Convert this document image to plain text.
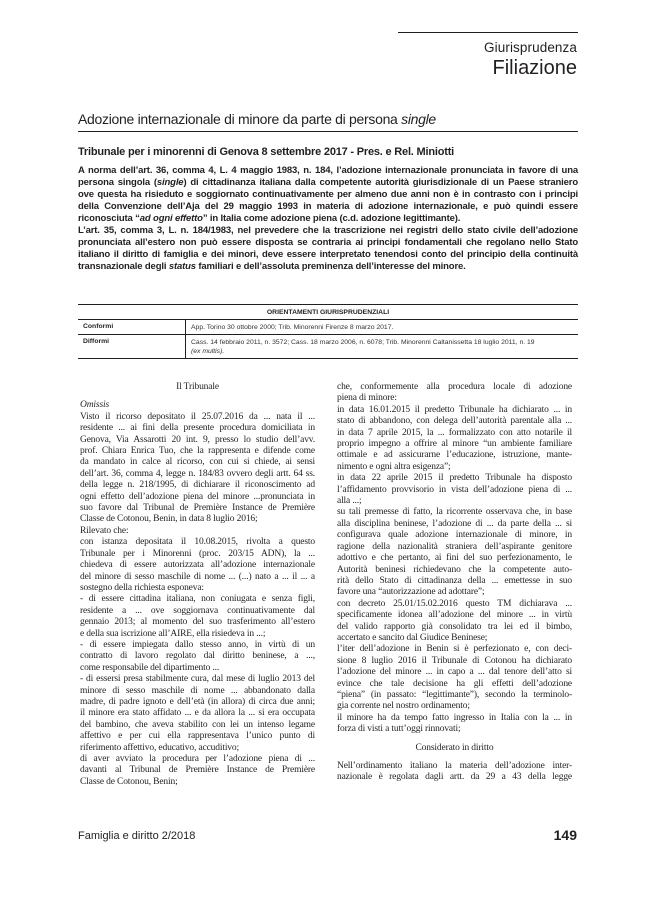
Giurisprudenza
Filiazione
Adozione internazionale di minore da parte di persona single
Tribunale per i minorenni di Genova 8 settembre 2017 - Pres. e Rel. Miniotti

A norma dell’art. 36, comma 4, L. 4 maggio 1983, n. 184, l’adozione internazionale pronunciata in favore di una persona singola (single) di cittadinanza italiana dalla competente autorità giurisdizionale di un Paese straniero ove questa ha risieduto e soggiornato continuativamente per almeno due anni non è in contrasto con i principi della Convenzione dell’Aja del 29 maggio 1993 in materia di adozione internazionale, e può quindi essere riconosciuta “ad ogni effetto” in Italia come adozione piena (c.d. adozione legittimante).

L’art. 35, comma 3, L. n. 184/1983, nel prevedere che la trascrizione nei registri dello stato civile dell’adozione pronunciata all’estero non può essere disposta se contraria ai principi fondamentali che regolano nello Stato italiano il diritto di famiglia e dei minori, deve essere interpretato tenendosi conto del principio della continuità transnazionale degli status familiari e dell’assoluta preminenza dell’interesse del minore.

ORIENTAMENTI GIURISPRUDENZIALI
Conformi	App. Torino 30 ottobre 2000; Trib. Minorenni Firenze 8 marzo 2017.
Difformi	Cass. 14 febbraio 2011, n. 3572; Cass. 18 marzo 2006, n. 6078; Trib. Minorenni Caltanissetta 18 luglio 2011, n. 19
(ex multis).
Il Tribunale
Omissis
Visto il ricorso depositato il 25.07.2016 da ... nata il ...
residente ... ai fini della presente procedura domiciliata in
Genova, Via Assarotti 20 int. 9, presso lo studio dell’avv.
prof. Chiara Enrica Tuo, che la rappresenta e difende come
da mandato in calce al ricorso, con cui si chiede, ai sensi
dell’art. 36, comma 4, legge n. 184/83 ovvero degli artt. 64 ss.
della legge n. 218/1995, di dichiarare il riconoscimento ad
ogni effetto dell’adozione piena del minore ...pronunciata in
suo favore dal Tribunal de Première Instance de Première
Classe de Cotonou, Benin, in data 8 luglio 2016;
Rilevato che:
con istanza depositata il 10.08.2015, rivolta a questo
Tribunale per i Minorenni (proc. 203/15 ADN), la ...
chiedeva di essere autorizzata all’adozione internazionale
del minore di sesso maschile di nome ... (...) nato a ... il ... a
sostegno della richiesta esponeva:
- di essere cittadina italiana, non coniugata e senza figli,
residente a ... ove soggiornava continuativamente dal
gennaio 2013; al momento del suo trasferimento all’estero
e della sua iscrizione all’AIRE, ella risiedeva in ...;
- di essere impiegata dallo stesso anno, in virtù di un
contratto di lavoro regolato dal diritto beninese, a ...,
come responsabile del dipartimento ...
- di essersi presa stabilmente cura, dal mese di luglio 2013 del
minore di sesso maschile di nome ... abbandonato dalla
madre, di padre ignoto e dell’età (in allora) di circa due anni;
il minore era stato affidato ... e da allora la ... si era occupata
del bambino, che aveva stabilito con lei un intenso legame
affettivo e per cui ella rappresentava l’unico punto di
riferimento affettivo, educativo, accuditivo;
di aver avviato la procedura per l’adozione piena di ...
davanti al Tribunal de Première Instance de Première
Classe de Cotonou, Benin;
che, conformemente alla procedura locale di adozione
piena di minore:
in data 16.01.2015 il predetto Tribunale ha dichiarato ... in
stato di abbandono, con delega dell’autorità parentale alla ...
in data 7 aprile 2015, la ... formalizzato con atto notarile il
proprio impegno a offrire al minore “un ambiente familiare
ottimale e ad assicurarne l’educazione, istruzione, mante-
nimento e ogni altra esigenza”;
in data 22 aprile 2015 il predetto Tribunale ha disposto
l’affidamento provvisorio in vista dell’adozione piena di ...
alla ...;
su tali premesse di fatto, la ricorrente osservava che, in base
alla disciplina beninese, l’adozione di ... da parte della ... si
configurava quale adozione internazionale di minore, in
ragione della nazionalità straniera dell’aspirante genitore
adottivo e che pertanto, ai fini del suo perfezionamento, le
Autorità beninesi richiedevano che la competente auto-
rità dello Stato di cittadinanza della ... emettesse in suo
favore una “autorizzazione ad adottare”;
con decreto 25.01/15.02.2016 questo TM dichiarava ...
specificamente idonea all’adozione del minore ... in virtù
del valido rapporto già consolidato tra lei ed il bimbo,
accertato e sancito dal Giudice Beninese;
l’iter dell’adozione in Benin si è perfezionato e, con deci-
sione 8 luglio 2016 il Tribunale di Cotonou ha dichiarato
l’adozione del minore ... in capo a ... dal tenore dell’atto si
evince che tale decisione ha gli effetti dell’adozione
“piena” (in passato: “legittimante”), secondo la terminolo-
gia corrente nel nostro ordinamento;
il minore ha da tempo fatto ingresso in Italia con la ... in
forza di visti a tutt’oggi rinnovati;
Considerato in diritto
Nell’ordinamento italiano la materia dell’adozione inter-
nazionale è regolata dagli artt. da 29 a 43 della legge
Famiglia e diritto 2/2018	149
